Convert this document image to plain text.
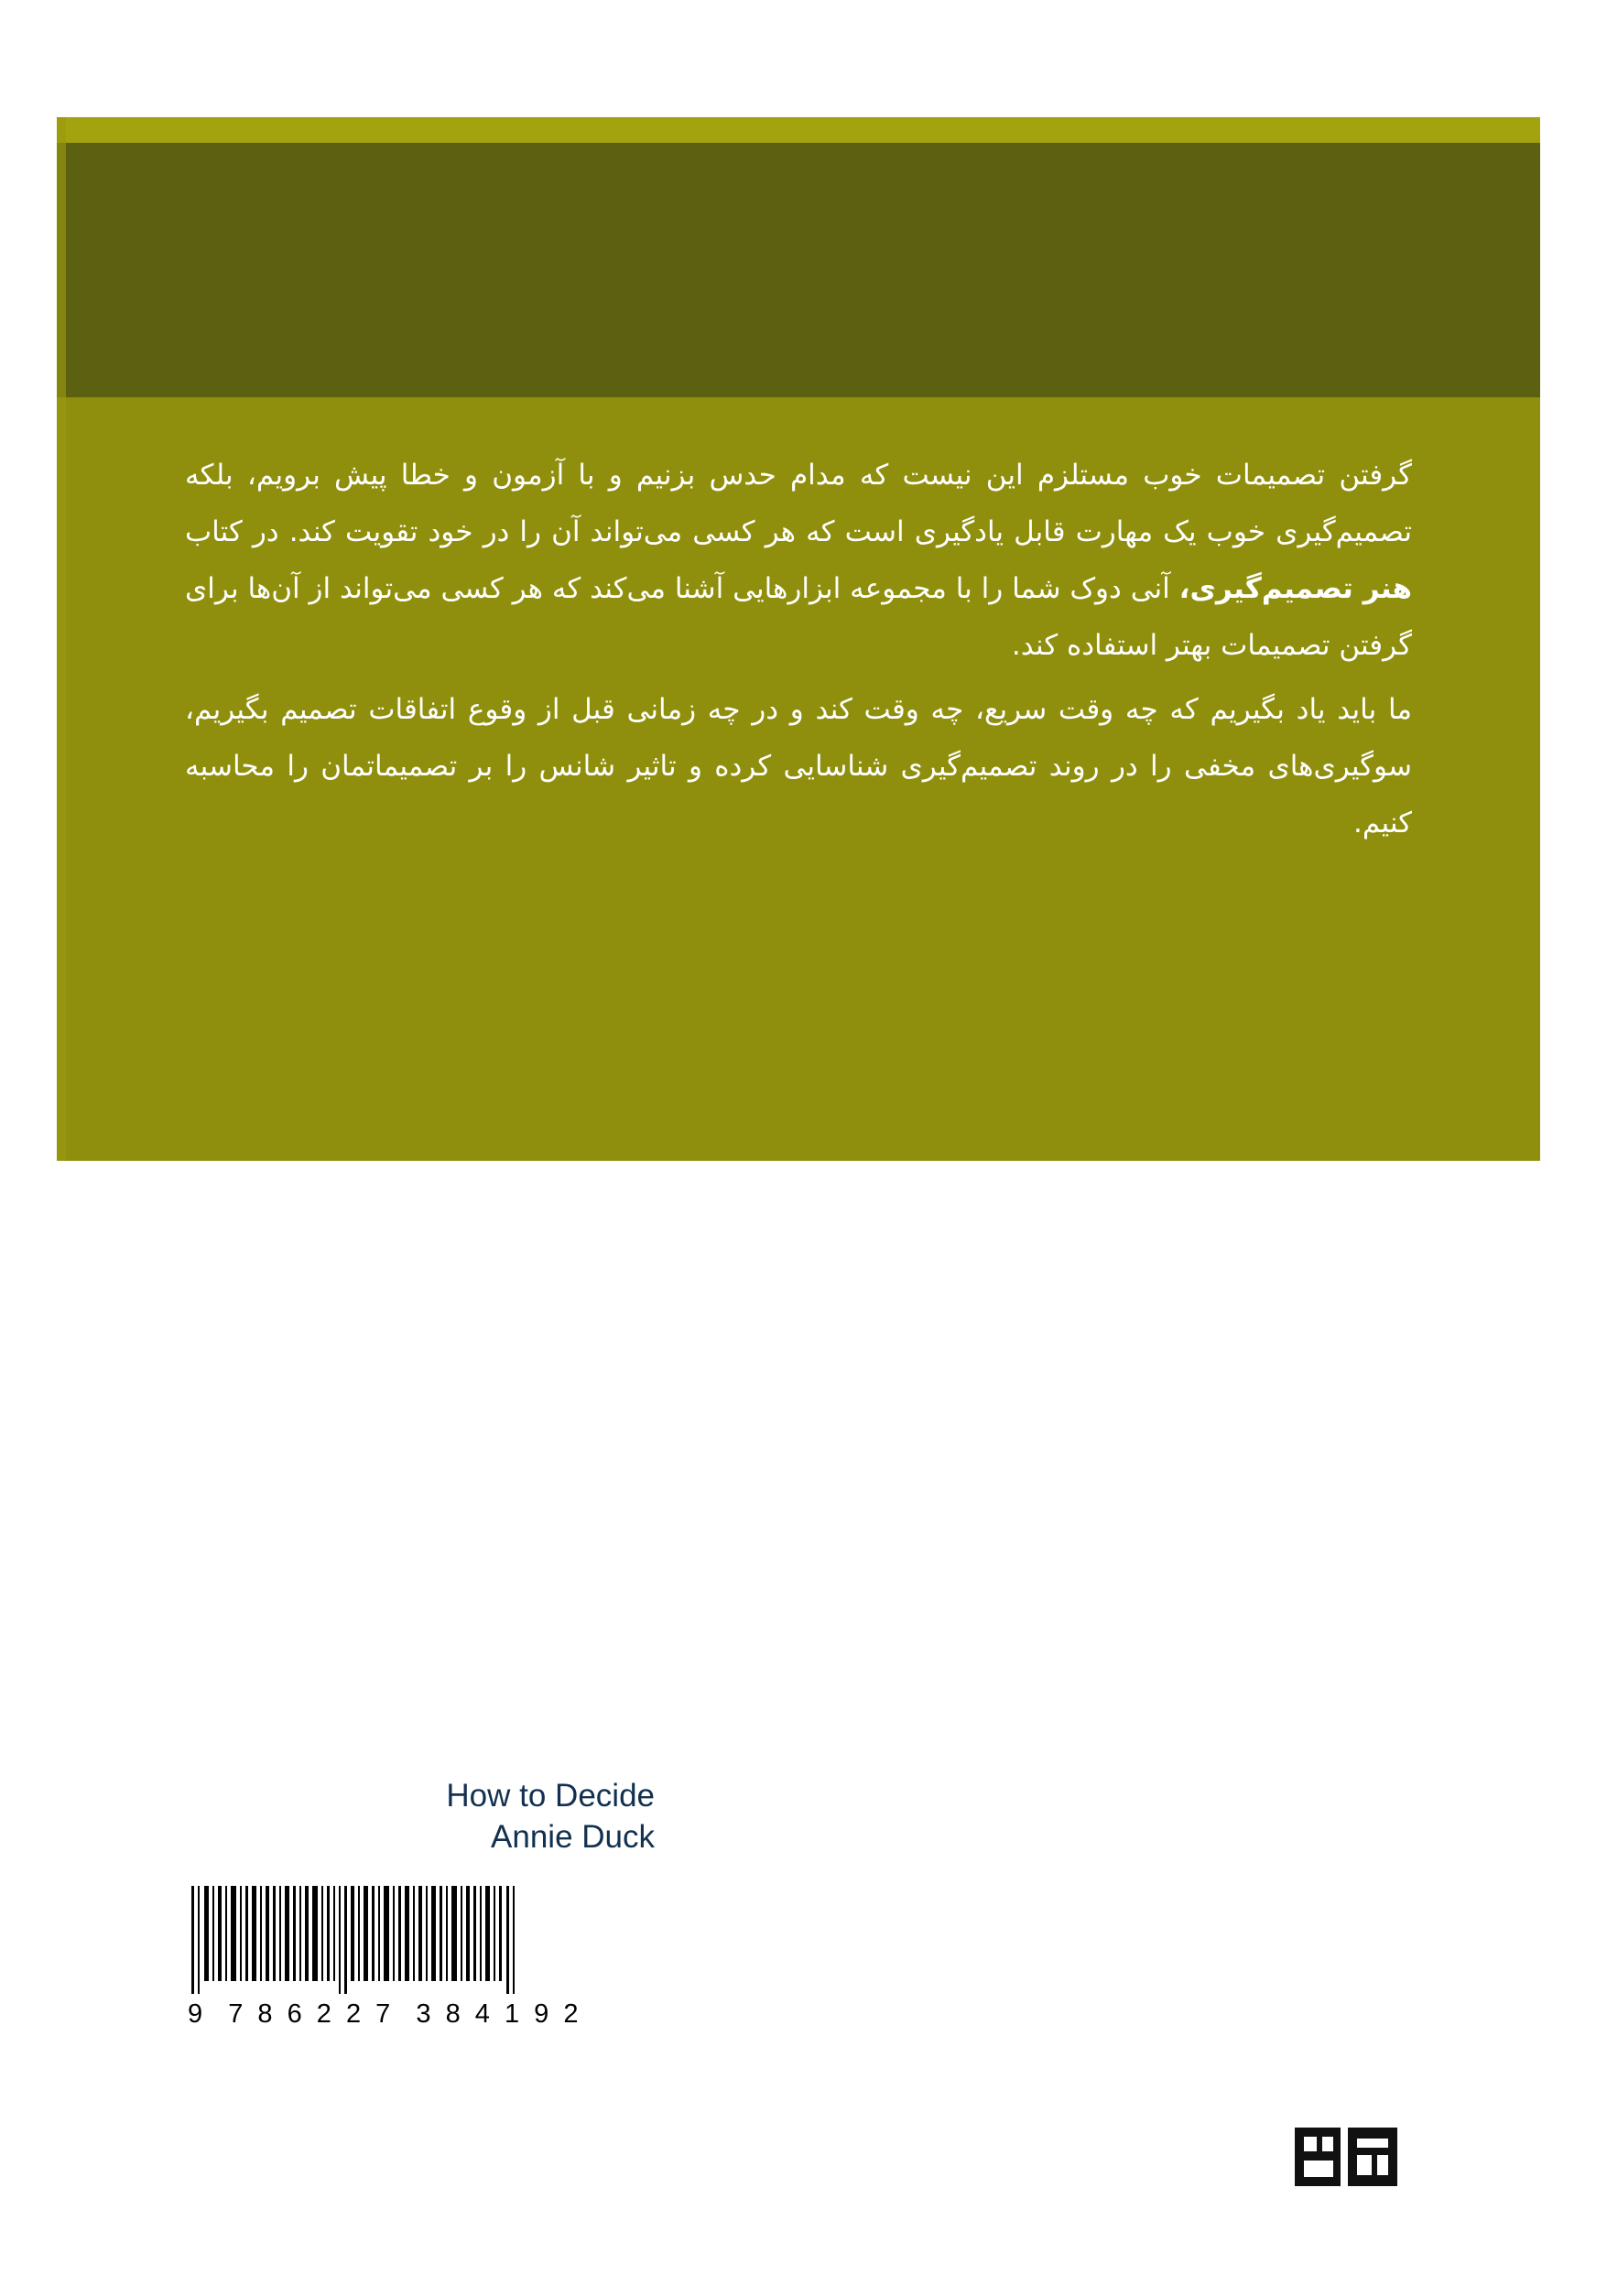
گرفتن تصمیمات خوب مستلزم این نیست که مدام حدس بزنیم و با آزمون و خطا پیش برویم، بلکه تصمیم‌گیری خوب یک مهارت قابل یادگیری است که هر کسی می‌تواند آن را در خود تقویت کند. در کتاب هنر تصمیم‌گیری، آنی دوک شما را با مجموعه ابزارهایی آشنا می‌کند که هر کسی می‌تواند از آن‌ها برای گرفتن تصمیمات بهتر استفاده کند.

ما باید یاد بگیریم که چه وقت سریع، چه وقت کند و در چه زمانی قبل از وقوع اتفاقات تصمیم بگیریم، سوگیری‌های مخفی را در روند تصمیم‌گیری شناسایی کرده و تاثیر شانس را بر تصمیماتمان را محاسبه کنیم.

How to Decide
Annie Duck
9  7 8 6 2 2 7  3 8 4 1 9 2
